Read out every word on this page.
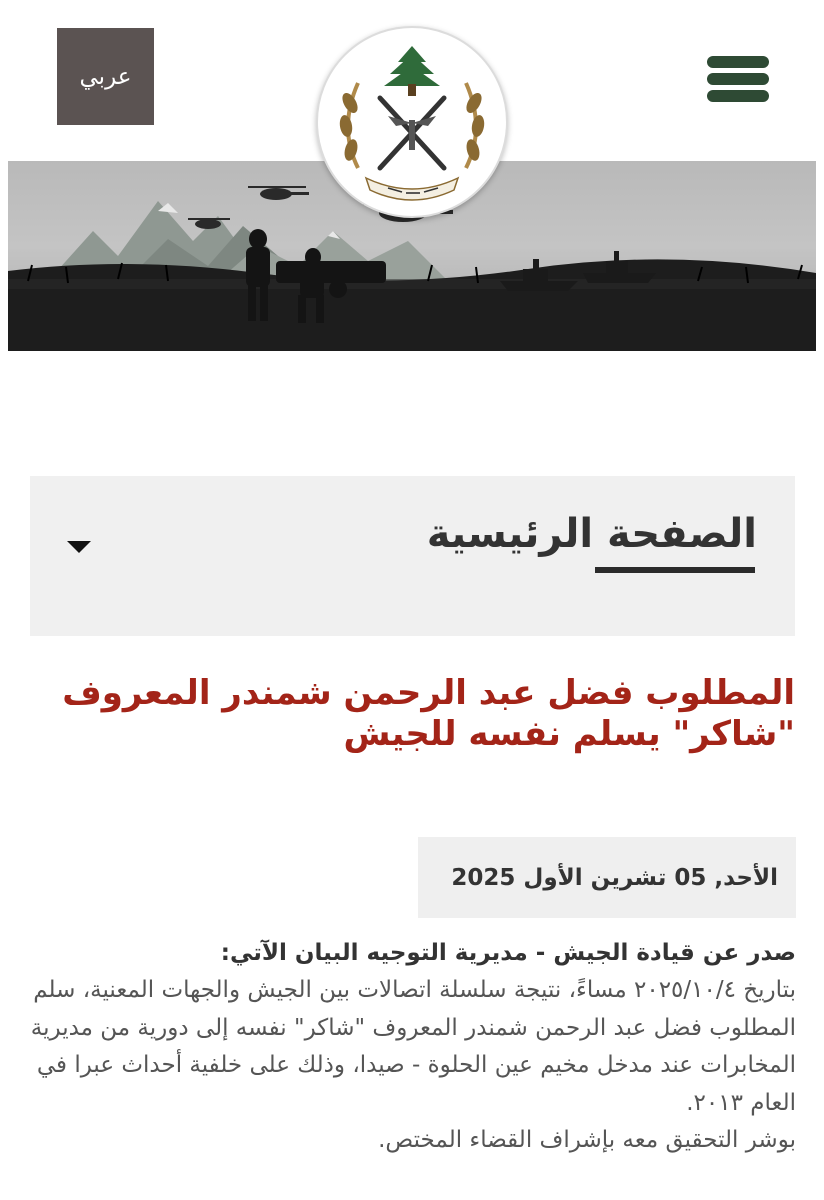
عربي
الصفحة الرئيسية
المطلوب فضل عبد الرحمن شمندر المعروف "شاكر" يسلم نفسه للجيش
الأحد, 05 تشرين الأول 2025

صدر عن قيادة الجيش - مديرية التوجيه البيان الآتي:

بتاريخ ٢٠٢٥/١٠/٤ مساءً، نتيجة سلسلة اتصالات بين الجيش والجهات المعنية، سلم المطلوب فضل عبد الرحمن شمندر المعروف "شاكر" نفسه إلى دورية من مديرية المخابرات عند مدخل مخيم عين الحلوة - صيدا، وذلك على خلفية أحداث عبرا في العام ٢٠١٣.

بوشر التحقيق معه بإشراف القضاء المختص.
